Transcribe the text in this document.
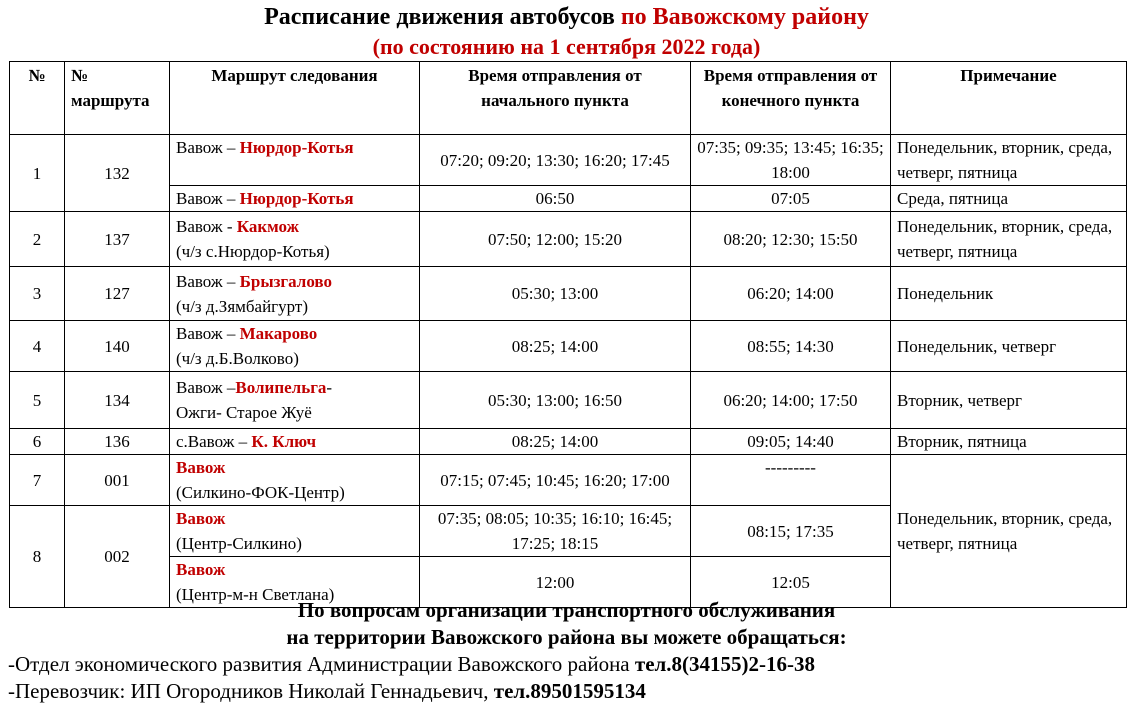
Расписание движения автобусов по Вавожскому району
(по состоянию на 1 сентября 2022 года)
№	№ маршрута	Маршрут следования	Время отправления от начального пункта	Время отправления от конечного пункта	Примечание
1	132	Вавож – Нюрдор-Котья	07:20; 09:20; 13:30; 16:20; 17:45	07:35; 09:35; 13:45; 16:35; 18:00	Понедельник, вторник, среда, четверг, пятница
		Вавож – Нюрдор-Котья	06:50	07:05	Среда, пятница
2	137	Вавож - Какмож
(ч/з с.Нюрдор-Котья)	07:50; 12:00; 15:20	08:20; 12:30; 15:50	Понедельник, вторник, среда, четверг, пятница
3	127	Вавож – Брызгалово
(ч/з д.Зямбайгурт)	05:30; 13:00	06:20; 14:00	Понедельник
4	140	Вавож – Макарово
(ч/з д.Б.Волково)	08:25; 14:00	08:55; 14:30	Понедельник, четверг
5	134	Вавож –Волипельга-
Ожги- Старое Жуё	05:30; 13:00; 16:50	06:20; 14:00; 17:50	Вторник, четверг
6	136	с.Вавож – К. Ключ	08:25; 14:00	09:05; 14:40	Вторник, пятница
7	001	Вавож
(Силкино-ФОК-Центр)	07:15; 07:45; 10:45; 16:20; 17:00	---------	Понедельник, вторник, среда, четверг, пятница
8	002	Вавож
(Центр-Силкино)	07:35; 08:05; 10:35; 16:10; 16:45; 17:25; 18:15	08:15; 17:35	
		Вавож
(Центр-м-н Светлана)	12:00	12:05	
По вопросам организации транспортного обслуживания
на территории Вавожского района вы можете обращаться:
-Отдел экономического развития Администрации Вавожского района тел.8(34155)2-16-38
-Перевозчик: ИП Огородников Николай Геннадьевич, тел.89501595134
